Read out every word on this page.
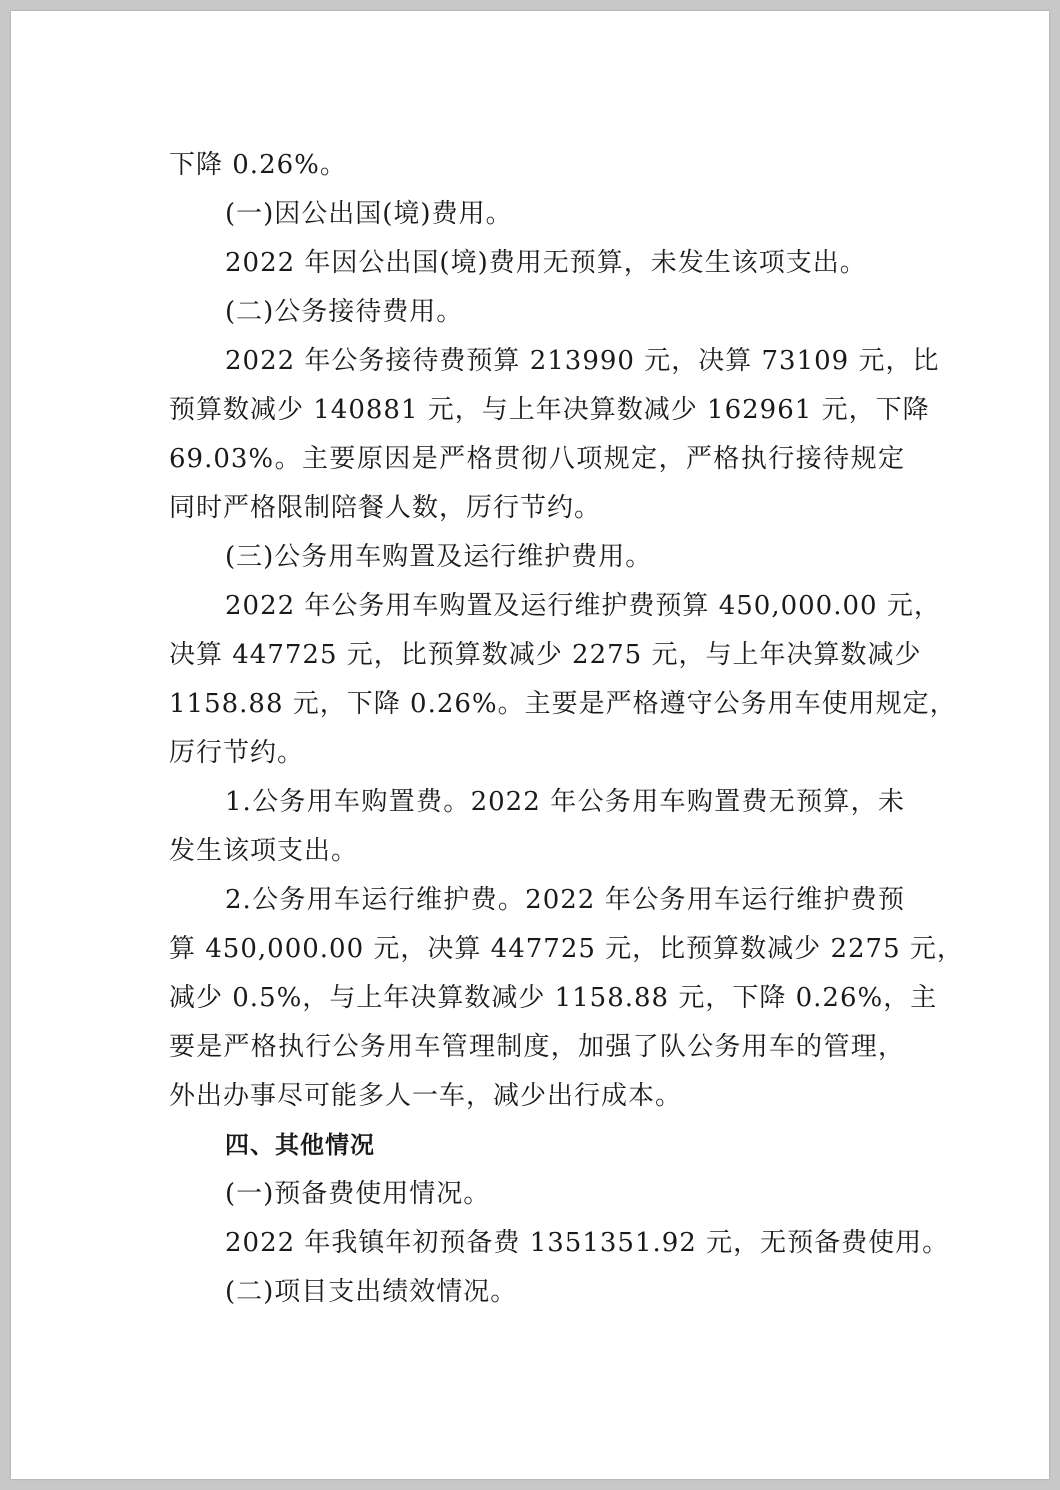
下降 0.26%。
(一)因公出国(境)费用。
2022 年因公出国(境)费用无预算，未发生该项支出。
(二)公务接待费用。
2022 年公务接待费预算 213990 元，决算 73109 元，比
预算数减少 140881 元，与上年决算数减少 162961 元，下降
69.03%。主要原因是严格贯彻八项规定，严格执行接待规定
同时严格限制陪餐人数，厉行节约。
(三)公务用车购置及运行维护费用。
2022 年公务用车购置及运行维护费预算 450,000.00 元，
决算 447725 元，比预算数减少 2275 元，与上年决算数减少
1158.88 元，下降 0.26%。主要是严格遵守公务用车使用规定，
厉行节约。
1.公务用车购置费。2022 年公务用车购置费无预算，未
发生该项支出。
2.公务用车运行维护费。2022 年公务用车运行维护费预
算 450,000.00 元，决算 447725 元，比预算数减少 2275 元，
减少 0.5%，与上年决算数减少 1158.88 元，下降 0.26%，主
要是严格执行公务用车管理制度，加强了队公务用车的管理，
外出办事尽可能多人一车，减少出行成本。
四、其他情况
(一)预备费使用情况。
2022 年我镇年初预备费 1351351.92 元，无预备费使用。
(二)项目支出绩效情况。
